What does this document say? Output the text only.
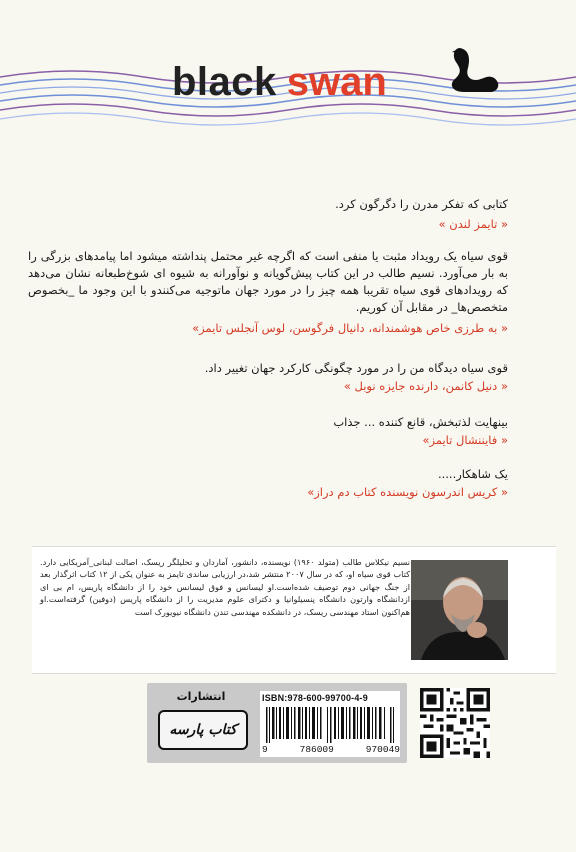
black swan
کتابی که تفکر مدرن را دگرگون کرد.
« تایمز لندن »
قوی سیاه یک رویداد مثبت یا منفی است که اگرچه غیر محتمل پنداشته میشود اما پیامدهای بزرگی را به بار می‌آورد. نسیم طالب در این کتاب پیش‌گویانه و نوآورانه به شیوه ای شوخ‌طبعانه نشان می‌دهد که رویدادهای قوی سیاه تقریبا همه چیز را در مورد جهان ماتوجیه می‌کنندو با این وجود ما _بخصوص متخصص‌ها_ در مقابل آن کوریم.
« به طرزی خاص هوشمندانه، دانیال فرگوسن، لوس آنجلس تایمز»
قوی سیاه دیدگاه من را در مورد چگونگی کارکرد جهان تغییر داد.
« دنیل کانمن، دارنده جایزه نوبل »
بینهایت لذتبخش، قانع کننده ... جذاب
« فایننشال تایمز»
یک شاهکار.....
« کریس اندرسون نویسنده کتاب دم دراز»
نسیم نیکلاس طالب (متولد ۱۹۶۰) نویسنده، دانشور، آماردان و تحلیلگر ریسک، اصالت لبنانی_آمریکایی دارد. کتاب قوی سیاه او، که در سال ۲۰۰۷ منتشر شد،در ارزیابی ساندی تایمز به عنوان یکی از ۱۲ کتاب اثرگذار بعد از جنگ جهانی دوم توصیف شده‌است.او لیسانس و فوق لیسانس خود را از دانشگاه پاریس، ام بی ای ازدانشگاه وارتون دانشگاه پنسیلوانیا و دکترای علوم مدیریت را از دانشگاه پاریس (دوفین) گرفته‌است.او هم‌اکنون استاد مهندسی ریسک، در دانشکده مهندسی تندن دانشگاه نیویورک است
انتشارات
کتاب پارسه
ISBN:978-600-99700-4-9
9	786009	970049
